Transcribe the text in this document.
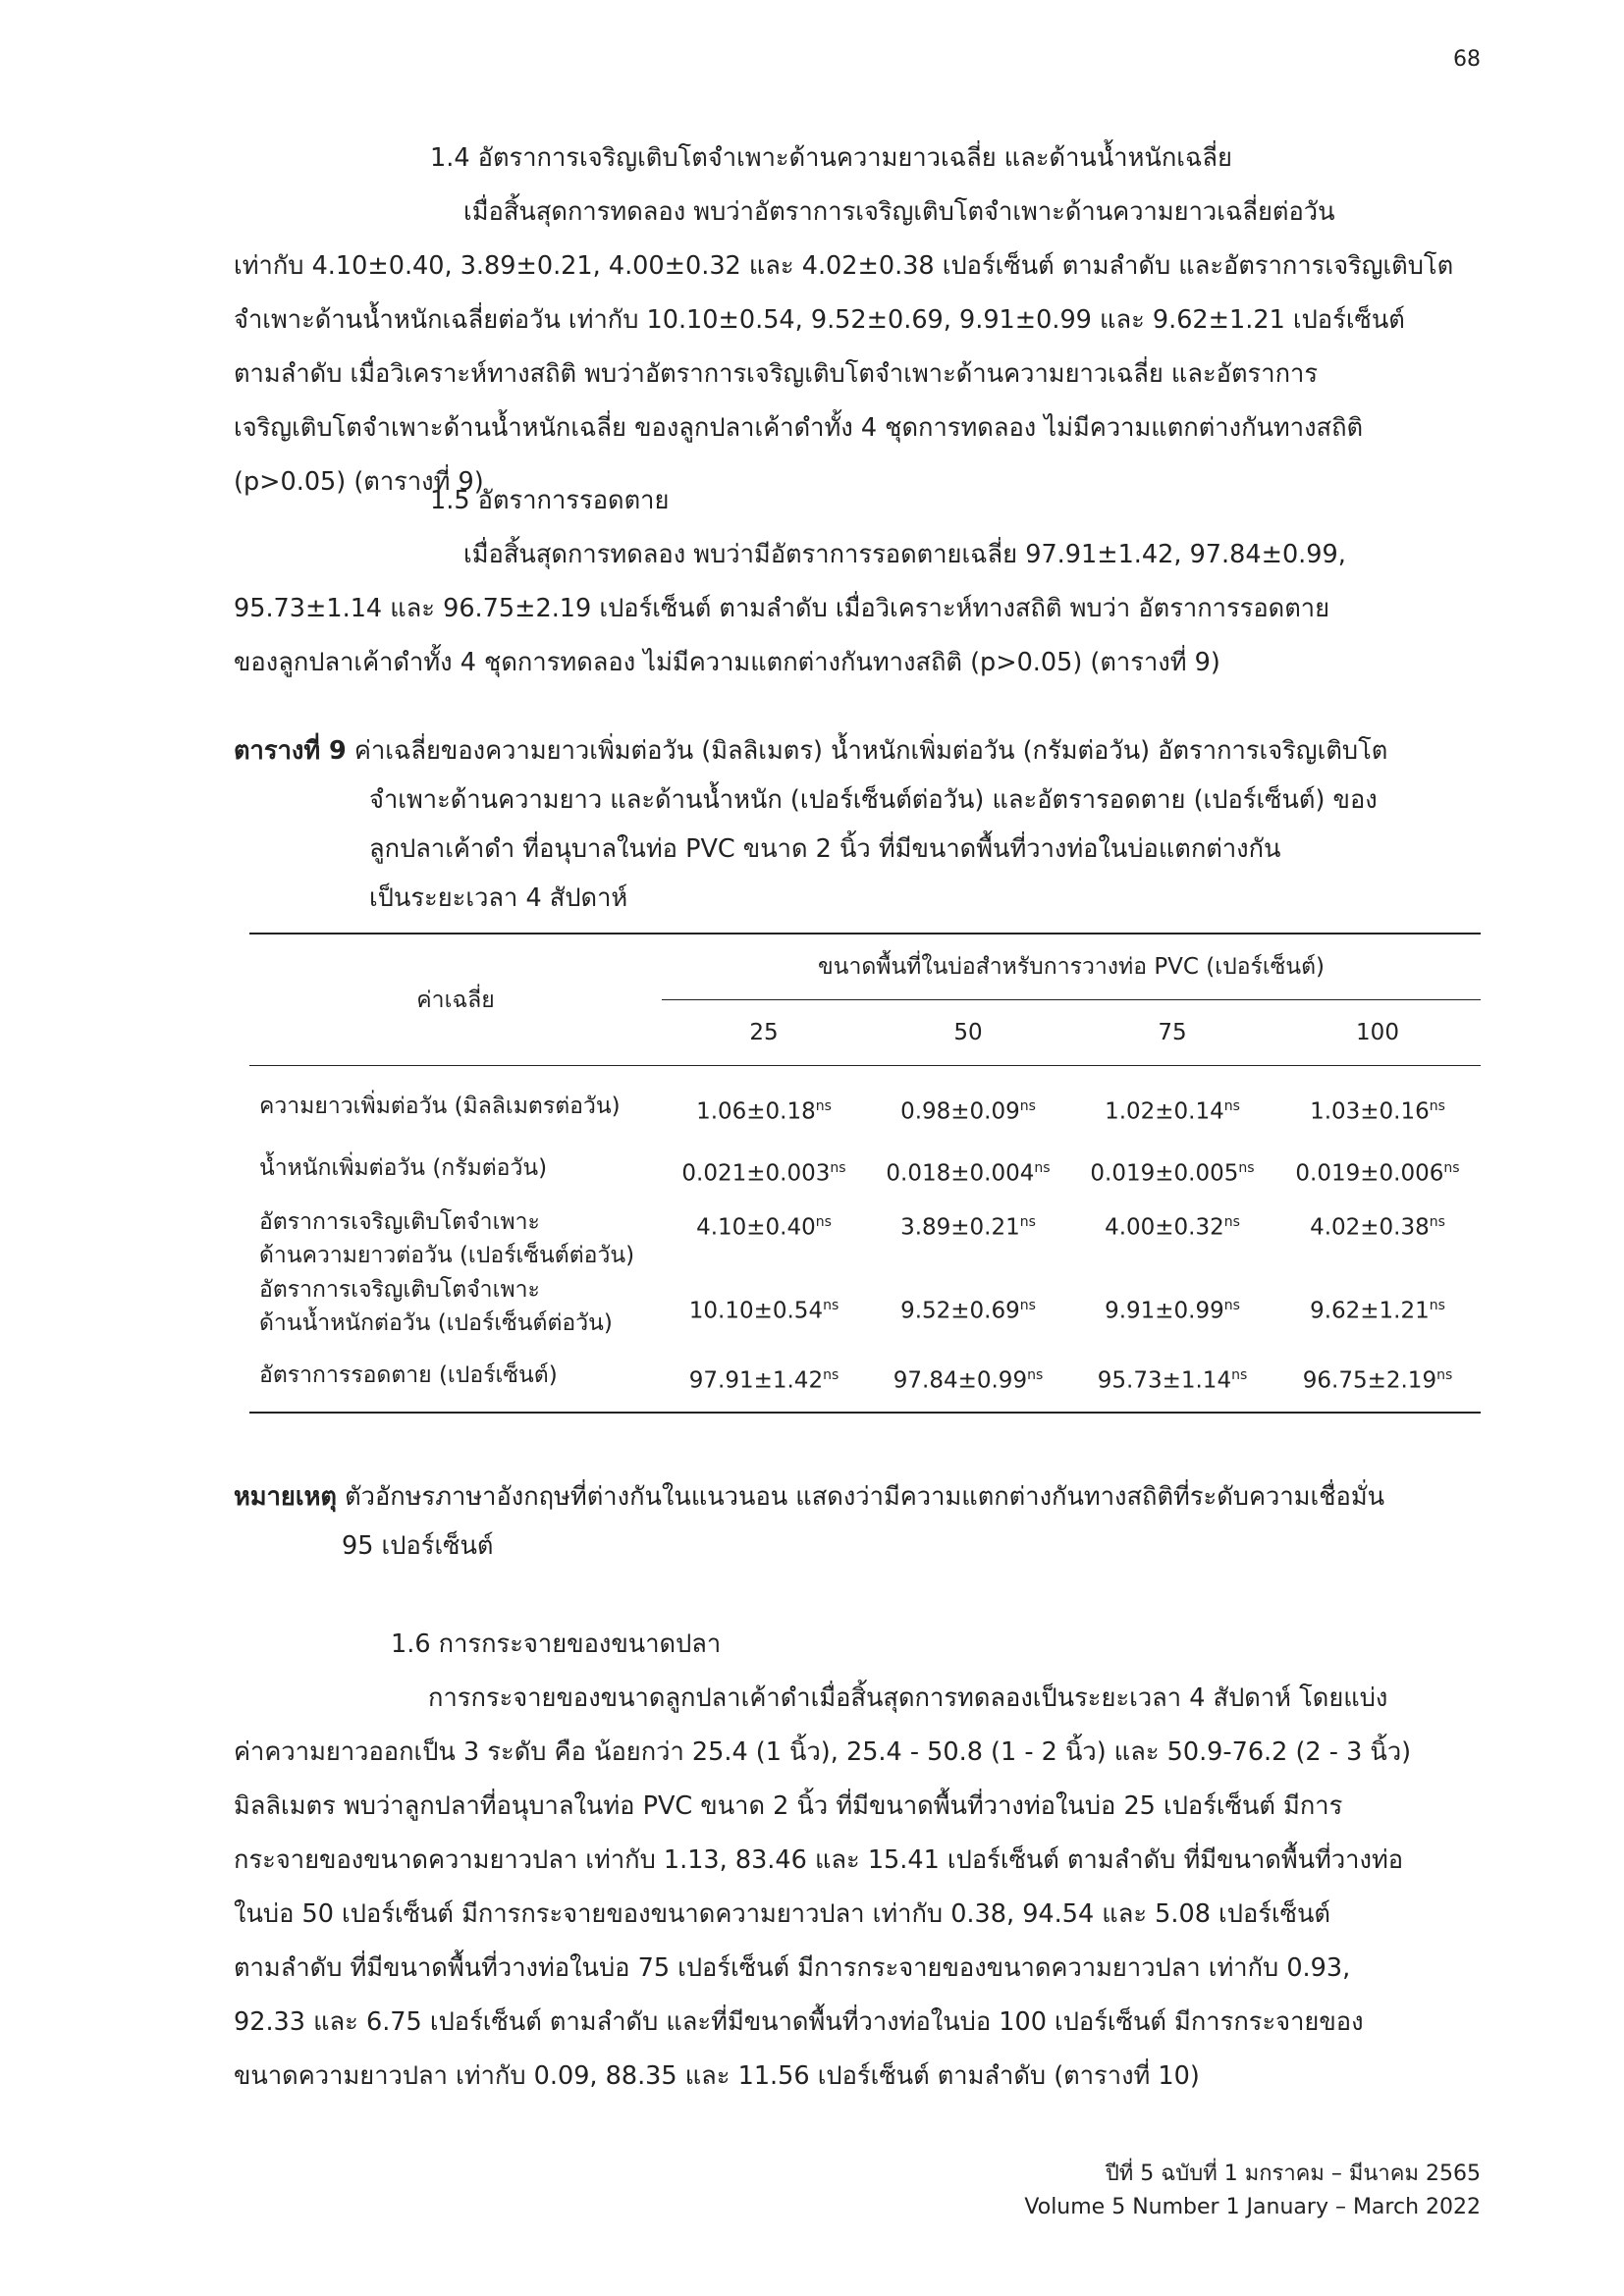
68

1.4 อัตราการเจริญเติบโตจำเพาะด้านความยาวเฉลี่ย และด้านน้ำหนักเฉลี่ย

เมื่อสิ้นสุดการทดลอง พบว่าอัตราการเจริญเติบโตจำเพาะด้านความยาวเฉลี่ยต่อวัน

เท่ากับ 4.10±0.40, 3.89±0.21, 4.00±0.32 และ 4.02±0.38 เปอร์เซ็นต์ ตามลำดับ และอัตราการเจริญเติบโต

จำเพาะด้านน้ำหนักเฉลี่ยต่อวัน เท่ากับ 10.10±0.54, 9.52±0.69, 9.91±0.99 และ 9.62±1.21 เปอร์เซ็นต์

ตามลำดับ เมื่อวิเคราะห์ทางสถิติ พบว่าอัตราการเจริญเติบโตจำเพาะด้านความยาวเฉลี่ย และอัตราการ

เจริญเติบโตจำเพาะด้านน้ำหนักเฉลี่ย ของลูกปลาเค้าดำทั้ง 4 ชุดการทดลอง ไม่มีความแตกต่างกันทางสถิติ

(p>0.05) (ตารางที่ 9)

1.5 อัตราการรอดตาย

เมื่อสิ้นสุดการทดลอง พบว่ามีอัตราการรอดตายเฉลี่ย 97.91±1.42, 97.84±0.99,

95.73±1.14 และ 96.75±2.19 เปอร์เซ็นต์ ตามลำดับ เมื่อวิเคราะห์ทางสถิติ พบว่า อัตราการรอดตาย

ของลูกปลาเค้าดำทั้ง 4 ชุดการทดลอง ไม่มีความแตกต่างกันทางสถิติ (p>0.05) (ตารางที่ 9)

ตารางที่ 9 ค่าเฉลี่ยของความยาวเพิ่มต่อวัน (มิลลิเมตร) น้ำหนักเพิ่มต่อวัน (กรัมต่อวัน) อัตราการเจริญเติบโต
จำเพาะด้านความยาว และด้านน้ำหนัก (เปอร์เซ็นต์ต่อวัน) และอัตรารอดตาย (เปอร์เซ็นต์) ของ
ลูกปลาเค้าดำ ที่อนุบาลในท่อ PVC ขนาด 2 นิ้ว ที่มีขนาดพื้นที่วางท่อในบ่อแตกต่างกัน
เป็นระยะเวลา 4 สัปดาห์
ค่าเฉลี่ย	ขนาดพื้นที่ในบ่อสำหรับการวางท่อ PVC (เปอร์เซ็นต์)			
	25	50	75	100
ความยาวเพิ่มต่อวัน (มิลลิเมตรต่อวัน)	$1.06\pm 0.18^{ns}$	$0.98\pm 0.09^{ns}$	$1.02\pm 0.14^{ns}$	$1.03\pm 0.16^{ns}$
น้ำหนักเพิ่มต่อวัน (กรัมต่อวัน)	$0.021\pm 0.003^{ns}$	$0.018\pm 0.004^{ns}$	$0.019\pm 0.005^{ns}$	$0.019\pm 0.006^{ns}$

อัตราการเจริญเติบโตจำเพาะ
ด้านความยาวต่อวัน (เปอร์เซ็นต์ต่อวัน)	$4.10\pm 0.40^{ns}$	$3.89\pm 0.21^{ns}$	$4.00\pm 0.32^{ns}$	$4.02\pm 0.38^{ns}$

อัตราการเจริญเติบโตจำเพาะ
ด้านน้ำหนักต่อวัน (เปอร์เซ็นต์ต่อวัน)	$10.10\pm 0.54^{ns}$	$9.52\pm 0.69^{ns}$	$9.91\pm 0.99^{ns}$	$9.62\pm 1.21^{ns}$
อัตราการรอดตาย (เปอร์เซ็นต์)	$97.91\pm 1.42^{ns}$	$97.84\pm 0.99^{ns}$	$95.73\pm 1.14^{ns}$	$96.75\pm 2.19^{ns}$
หมายเหตุ ตัวอักษรภาษาอังกฤษที่ต่างกันในแนวนอน แสดงว่ามีความแตกต่างกันทางสถิติที่ระดับความเชื่อมั่น
95 เปอร์เซ็นต์

1.6 การกระจายของขนาดปลา

การกระจายของขนาดลูกปลาเค้าดำเมื่อสิ้นสุดการทดลองเป็นระยะเวลา 4 สัปดาห์ โดยแบ่ง

ค่าความยาวออกเป็น 3 ระดับ คือ น้อยกว่า 25.4 (1 นิ้ว), 25.4 - 50.8 (1 - 2 นิ้ว) และ 50.9-76.2 (2 - 3 นิ้ว)

มิลลิเมตร พบว่าลูกปลาที่อนุบาลในท่อ PVC ขนาด 2 นิ้ว ที่มีขนาดพื้นที่วางท่อในบ่อ 25 เปอร์เซ็นต์ มีการ

กระจายของขนาดความยาวปลา เท่ากับ 1.13, 83.46 และ 15.41 เปอร์เซ็นต์ ตามลำดับ ที่มีขนาดพื้นที่วางท่อ

ในบ่อ 50 เปอร์เซ็นต์ มีการกระจายของขนาดความยาวปลา เท่ากับ 0.38, 94.54 และ 5.08 เปอร์เซ็นต์

ตามลำดับ ที่มีขนาดพื้นที่วางท่อในบ่อ 75 เปอร์เซ็นต์ มีการกระจายของขนาดความยาวปลา เท่ากับ 0.93,

92.33 และ 6.75 เปอร์เซ็นต์ ตามลำดับ และที่มีขนาดพื้นที่วางท่อในบ่อ 100 เปอร์เซ็นต์ มีการกระจายของ

ขนาดความยาวปลา เท่ากับ 0.09, 88.35 และ 11.56 เปอร์เซ็นต์ ตามลำดับ (ตารางที่ 10)

ปีที่ 5 ฉบับที่ 1 มกราคม – มีนาคม 2565
Volume 5 Number 1 January – March 2022
